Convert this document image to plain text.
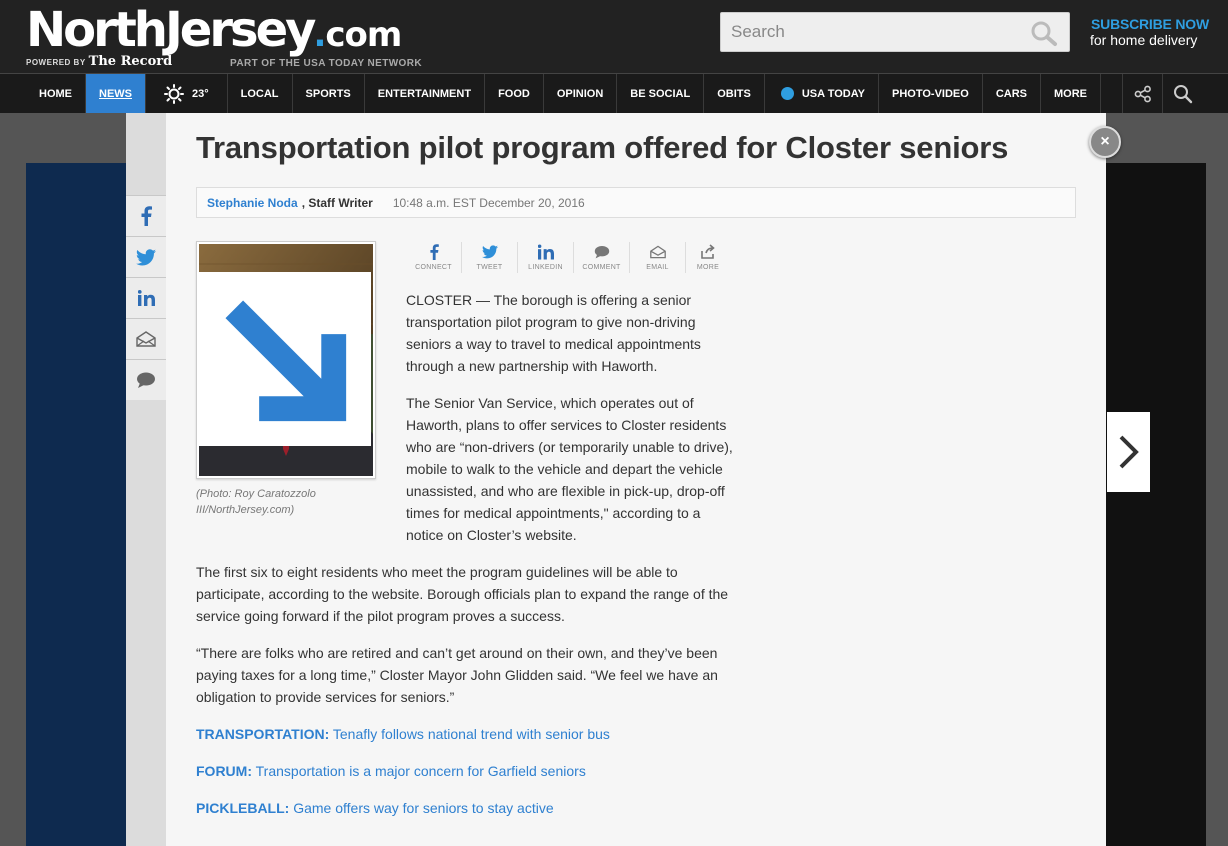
NorthJersey.com
POWERED BY The Record	PART OF THE USA TODAY NETWORK
Search
SUBSCRIBE NOW
for home delivery
HOME	NEWS	23°	LOCAL	SPORTS	ENTERTAINMENT	FOOD	OPINION	BE SOCIAL	OBITS	USA TODAY	PHOTO-VIDEO	CARS	MORE
Transportation pilot program offered for Closter seniors
Stephanie Noda , Staff Writer 10:48 a.m. EST December 20, 2016
(Photo: Roy Caratozzolo III/NorthJersey.com)
CONNECT	TWEET	LINKEDIN	COMMENT	EMAIL	MORE

CLOSTER — The borough is offering a senior transportation pilot program to give non-driving seniors a way to travel to medical appointments through a new partnership with Haworth.

The Senior Van Service, which operates out of Haworth, plans to offer services to Closter residents who are “non-drivers (or temporarily unable to drive), mobile to walk to the vehicle and depart the vehicle unassisted, and who are flexible in pick-up, drop-off times for medical appointments," according to a notice on Closter’s website.

The first six to eight residents who meet the program guidelines will be able to participate, according to the website. Borough officials plan to expand the range of the service going forward if the pilot program proves a success.

“There are folks who are retired and can’t get around on their own, and they’ve been paying taxes for a long time,” Closter Mayor John Glidden said. “We feel we have an obligation to provide services for seniors.”

TRANSPORTATION: Tenafly follows national trend with senior bus
FORUM: Transportation is a major concern for Garfield seniors
PICKLEBALL: Game offers way for seniors to stay active
×
